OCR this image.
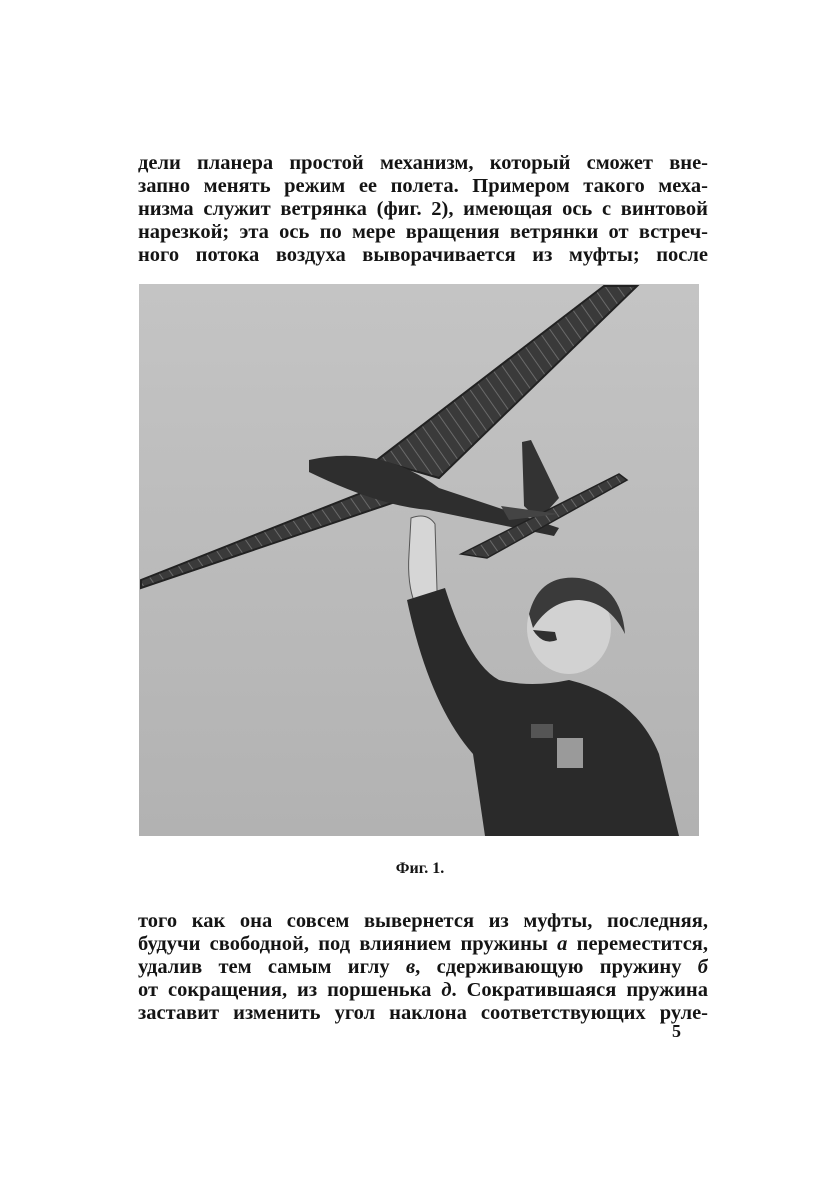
дели планера простой механизм, который сможет вне-
запно менять режим ее полета. Примером такого меха-
низма служит ветрянка (фиг. 2), имеющая ось с винтовой
нарезкой; эта ось по мере вращения ветрянки от встреч-
ного потока воздуха выворачивается из муфты; после
Фиг. 1.
того как она совсем вывернется из муфты, последняя,
будучи свободной, под влиянием пружины а переместится,
удалив тем самым иглу в, сдерживающую пружину б
от сокращения, из поршенька д. Сократившаяся пружина
заставит изменить угол наклона соответствующих руле-
5
